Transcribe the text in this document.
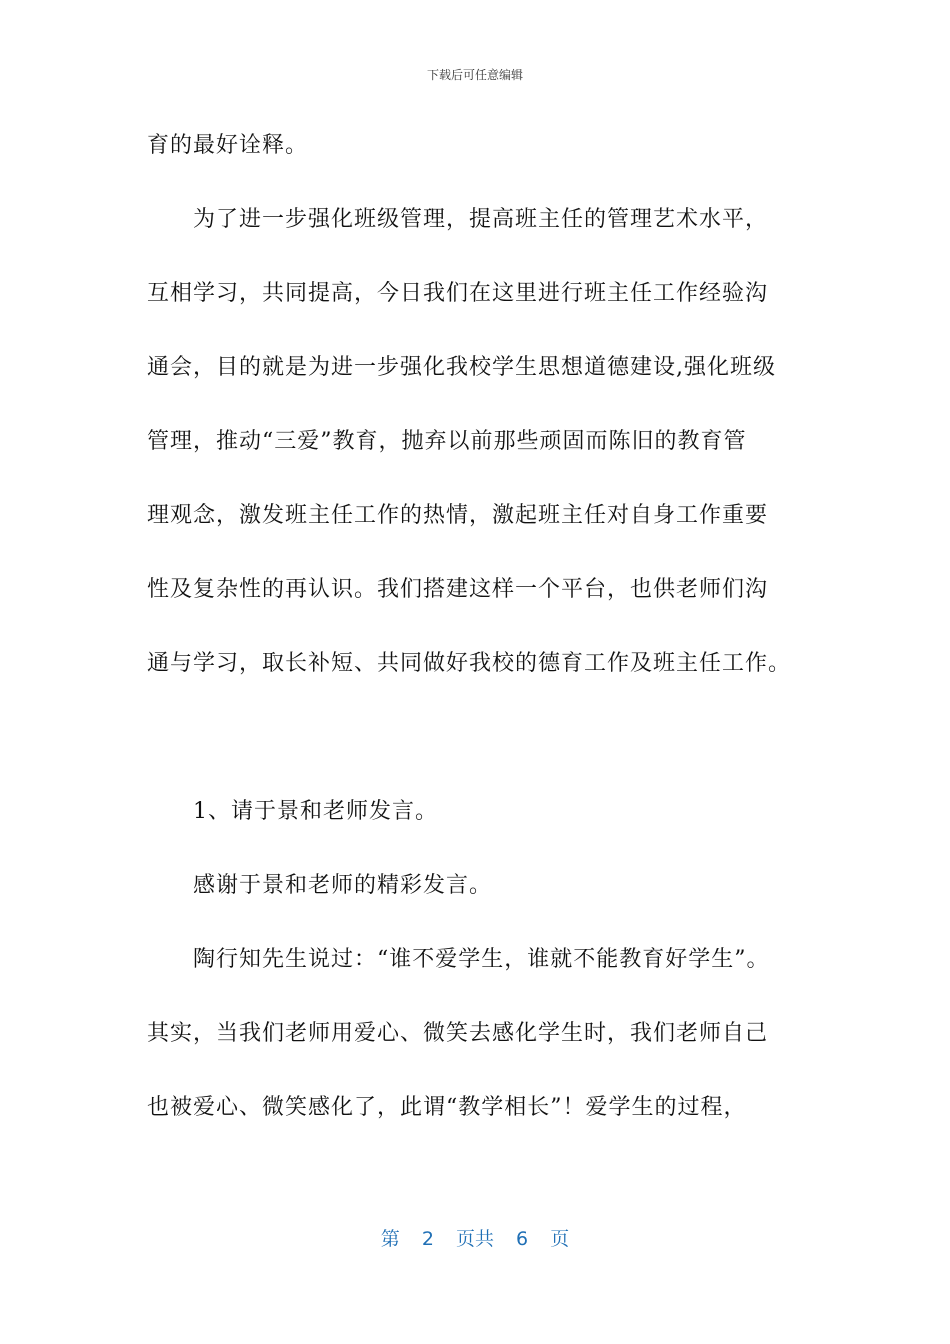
下载后可任意编辑
育的最好诠释。
为了进一步强化班级管理，提高班主任的管理艺术水平，
互相学习，共同提高，今日我们在这里进行班主任工作经验沟
通会，目的就是为进一步强化我校学生思想道德建设,强化班级
管理，推动“三爱”教育，抛弃以前那些顽固而陈旧的教育管
理观念，激发班主任工作的热情，激起班主任对自身工作重要
性及复杂性的再认识。我们搭建这样一个平台，也供老师们沟
通与学习，取长补短、共同做好我校的德育工作及班主任工作。
1、请于景和老师发言。
感谢于景和老师的精彩发言。
陶行知先生说过：“谁不爱学生，谁就不能教育好学生”。
其实，当我们老师用爱心、微笑去感化学生时，我们老师自己
也被爱心、微笑感化了，此谓“教学相长”！爱学生的过程，
第 2 页共 6 页
